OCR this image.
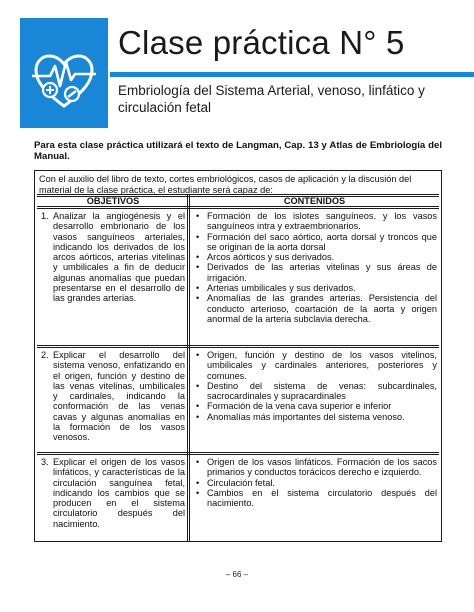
Clase práctica N° 5
Embriología del Sistema Arterial, venoso, linfático y circulación fetal

Para esta clase práctica utilizará el texto de Langman, Cap. 13 y Atlas de Embriología del Manual.

Con el auxilio del libro de texto, cortes embriológicos, casos de aplicación y la discusión del material de la clase práctica, el estudiante será capaz de:
OBJETIVOS	CONTENIDOS
1. Analizar la angiogénesis y el desarrollo embrionario de los vasos sanguíneos arteriales, indicando los derivados de los arcos aórticos, arterias vitelinas y umbilicales a fin de deducir algunas anomalías que puedan presentarse en el desarrollo de las grandes arterias.
• Formación de los islotes sanguíneos. y los vasos sanguíneos intra y extraembrionarios.
• Formación del saco aórtico, aorta dorsal y troncos que se originan de la aorta dorsal
• Arcos aórticos y sus derivados.
• Derivados de las arterias vitelinas y sus áreas de irrigación.
• Arterias umbilicales y sus derivados.
• Anomalías de las grandes arterias. Persistencia del conducto arterioso, coartación de la aorta y origen anormal de la arteria subclavia derecha.
2. Explicar el desarrollo del sistema venoso, enfatizando en el origen, función y destino de las venas vitelinas, umbilicales y cardinales, indicando la conformación de las venas cavas y algunas anomalías en la formación de los vasos venosos.
• Origen, función y destino de los vasos vitelinos, umbilicales y cardinales anteriores, posteriores y comunes.
• Destino del sistema de venas: subcardinales, sacrocardinales y supracardinales
• Formación de la vena cava superior e inferior
• Anomalías más importantes del sistema venoso.
3. Explicar el origen de los vasos linfáticos, y características de la circulación sanguínea fetal, indicando los cambios que se producen en el sistema circulatorio después del nacimiento.
• Origen de los vasos linfáticos. Formación de los sacos primarios y conductos torácicos derecho e izquierdo.
• Circulación fetal.
• Cambios en el sistema circulatorio después del nacimiento.
– 66 –
